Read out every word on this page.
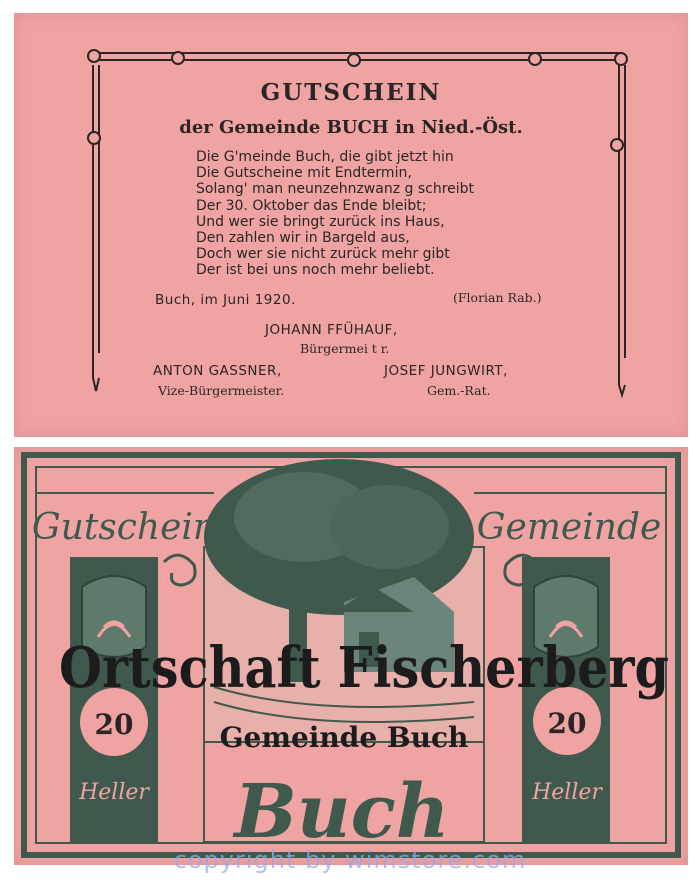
GUTSCHEIN
der Gemeinde BUCH in Nied.-Öst.
Die G'meinde Buch, die gibt jetzt hin
Die Gutscheine mit Endtermin,
Solang' man neunzehnzwanz g schreibt
Der 30. Oktober das Ende bleibt;
Und wer sie bringt zurück ins Haus,
Den zahlen wir in Bargeld aus,
Doch wer sie nicht zurück mehr gibt
Der ist bei uns noch mehr beliebt.
Buch, im Juni 1920.	(Florian Rab.)
JOHANN FFÜHAUF,
Bürgermei t r.
ANTON GASSNER,
Vize-Bürgermeister.
JOSEF JUNGWIRT,
Gem.-Rat.
Gutschein	Gemeinde
20	20
Heller	Heller
Buch
Ortschaft Fischerberg
Gemeinde Buch
copyright by wimstore.com
